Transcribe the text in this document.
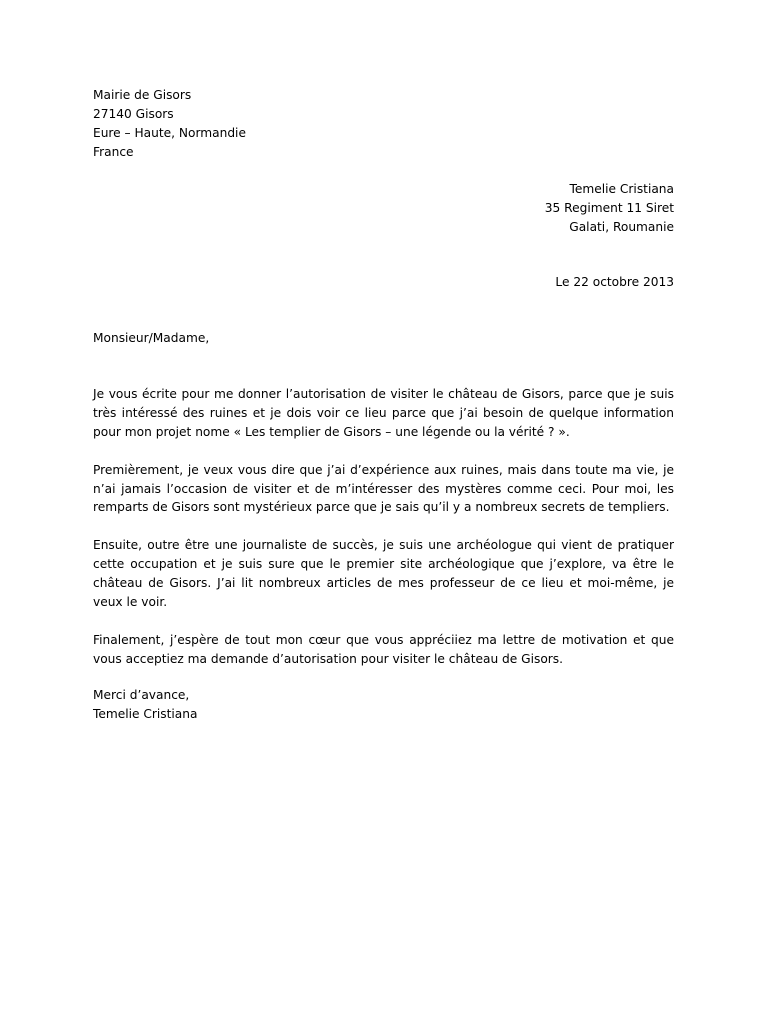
Mairie de Gisors
27140 Gisors
Eure – Haute, Normandie
France
Temelie Cristiana
35 Regiment 11 Siret
Galati, Roumanie
Le 22 octobre 2013
Monsieur/Madame,

Je vous écrite pour me donner l’autorisation de visiter le château de Gisors, parce que je suis très intéressé des ruines et je dois voir ce lieu parce que j’ai besoin de quelque information pour mon projet nome « Les templier de Gisors – une légende ou la vérité ? ».

Premièrement, je veux vous dire que j’ai d’expérience aux ruines, mais dans toute ma vie, je n’ai jamais l’occasion de visiter et de m’intéresser des mystères comme ceci. Pour moi, les remparts de Gisors sont mystérieux parce que je sais qu’il y a nombreux secrets de templiers.

Ensuite, outre être une journaliste de succès, je suis une archéologue qui vient de pratiquer cette occupation et je suis sure que le premier site archéologique que j’explore, va être le château de Gisors. J’ai lit nombreux articles de mes professeur de ce lieu et moi-même, je veux le voir.

Finalement, j’espère de tout mon cœur que vous appréciiez ma lettre de motivation et que vous acceptiez ma demande d’autorisation pour visiter le château de Gisors.

Merci d’avance,
Temelie Cristiana
